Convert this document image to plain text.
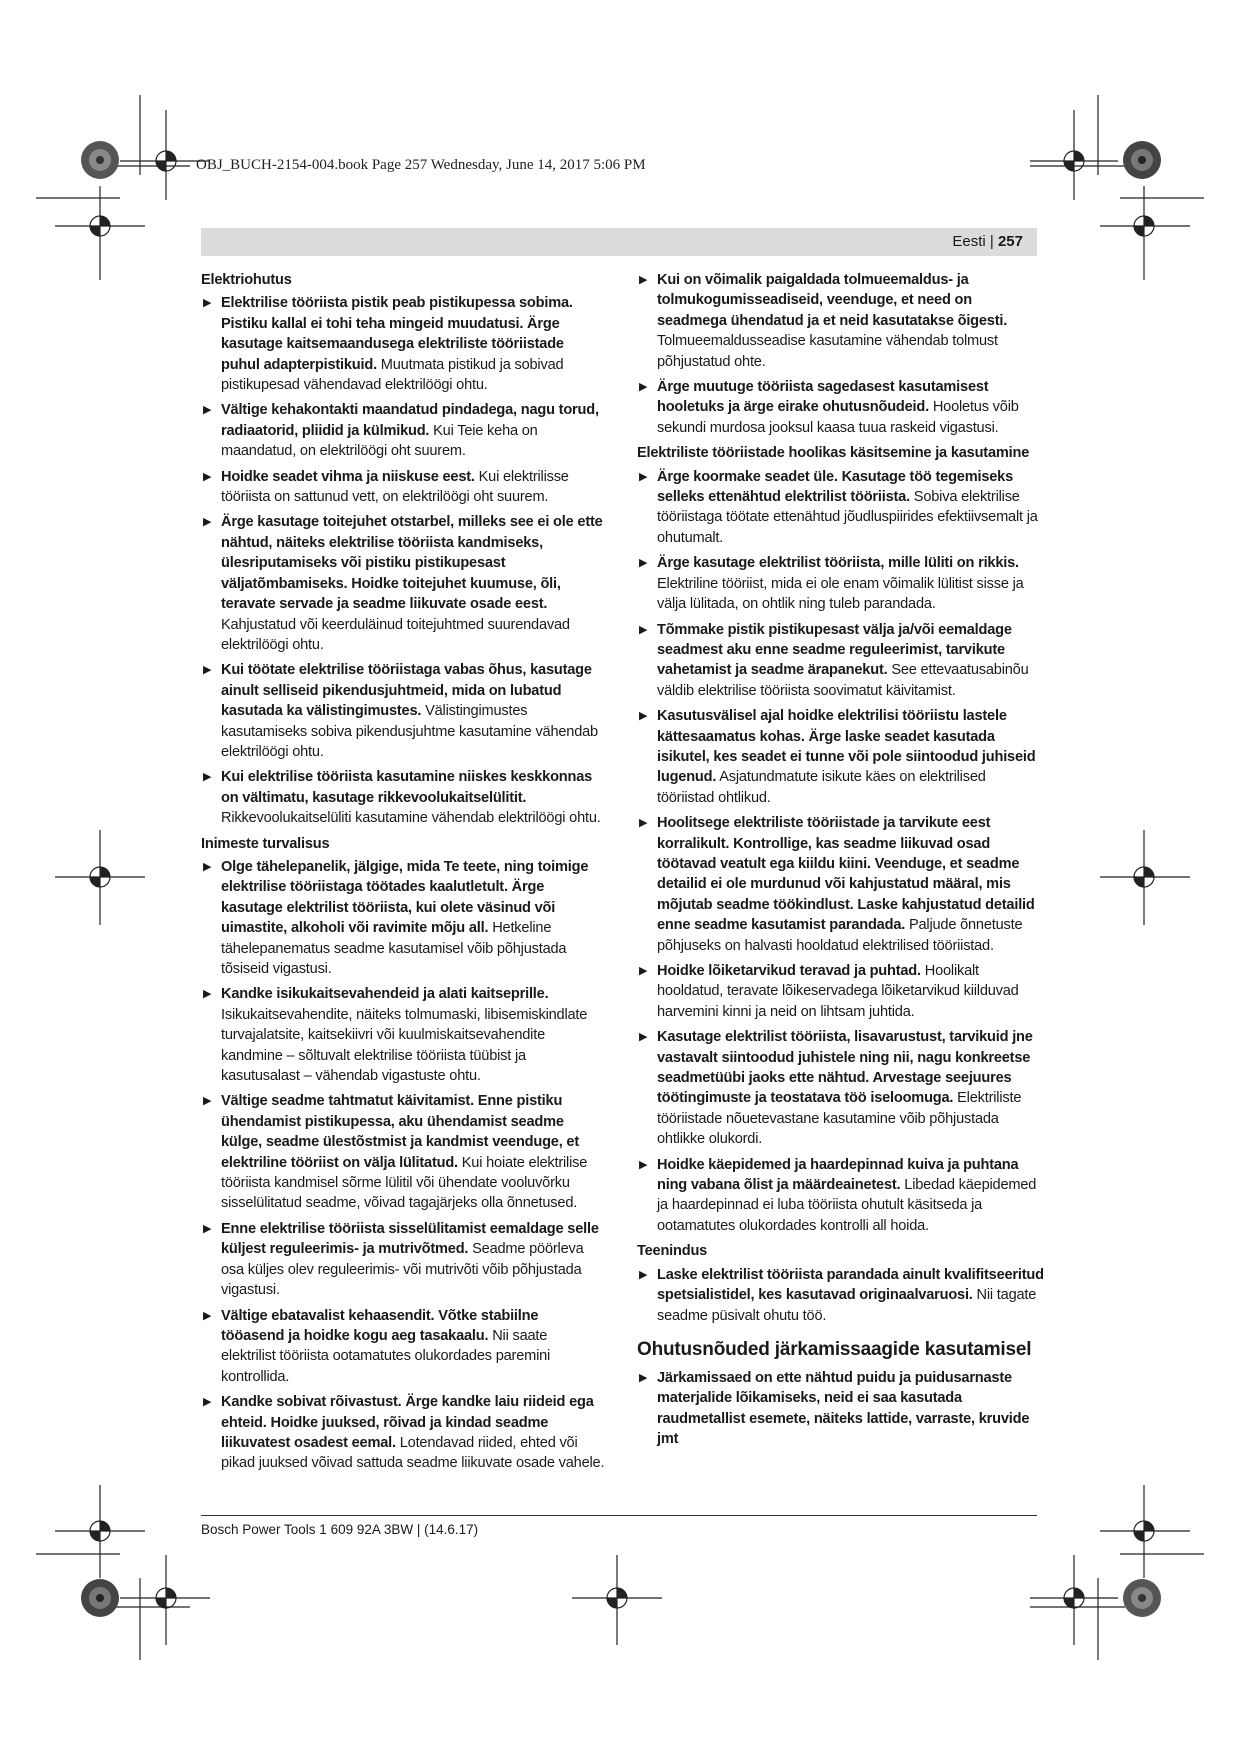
OBJ_BUCH-2154-004.book Page 257 Wednesday, June 14, 2017 5:06 PM
Eesti | 257
Elektriohutus
▶ Elektrilise tööriista pistik peab pistikupessa sobima. Pistiku kallal ei tohi teha mingeid muudatusi. Ärge kasutage kaitsemaandusega elektriliste tööriistade puhul adapterpistikuid. Muutmata pistikud ja sobivad pistikupesad vähendavad elektrilöögi ohtu.
▶ Vältige kehakontakti maandatud pindadega, nagu torud, radiaatorid, pliidid ja külmikud. Kui Teie keha on maandatud, on elektrilöögi oht suurem.
▶ Hoidke seadet vihma ja niiskuse eest. Kui elektrilisse tööriista on sattunud vett, on elektrilöögi oht suurem.
▶ Ärge kasutage toitejuhet otstarbel, milleks see ei ole ette nähtud, näiteks elektrilise tööriista kandmiseks, ülesriputamiseks või pistiku pistikupesast väljatõmbamiseks. Hoidke toitejuhet kuumuse, õli, teravate servade ja seadme liikuvate osade eest. Kahjustatud või keerduläinud toitejuhtmed suurendavad elektrilöögi ohtu.
▶ Kui töötate elektrilise tööriistaga vabas õhus, kasutage ainult selliseid pikendusjuhtmeid, mida on lubatud kasutada ka välistingimustes. Välistingimustes kasutamiseks sobiva pikendusjuhtme kasutamine vähendab elektrilöögi ohtu.
▶ Kui elektrilise tööriista kasutamine niiskes keskkonnas on vältimatu, kasutage rikkevoolukaitselülitit. Rikkevoolukaitselüliti kasutamine vähendab elektrilöögi ohtu.
Inimeste turvalisus
▶ Olge tähelepanelik, jälgige, mida Te teete, ning toimige elektrilise tööriistaga töötades kaalutletult. Ärge kasutage elektrilist tööriista, kui olete väsinud või uimastite, alkoholi või ravimite mõju all. Hetkeline tähelepanematus seadme kasutamisel võib põhjustada tõsiseid vigastusi.
▶ Kandke isikukaitsevahendeid ja alati kaitseprille. Isikukaitsevahendite, näiteks tolmumaski, libisemiskindlate turvajalatsite, kaitsekiivri või kuulmiskaitsevahendite kandmine – sõltuvalt elektrilise tööriista tüübist ja kasutusalast – vähendab vigastuste ohtu.
▶ Vältige seadme tahtmatut käivitamist. Enne pistiku ühendamist pistikupessa, aku ühendamist seadme külge, seadme ülestõstmist ja kandmist veenduge, et elektriline tööriist on välja lülitatud. Kui hoiate elektrilise tööriista kandmisel sõrme lülitil või ühendate vooluvõrku sisselülitatud seadme, võivad tagajärjeks olla õnnetused.
▶ Enne elektrilise tööriista sisselülitamist eemaldage selle küljest reguleerimis- ja mutrivõtmed. Seadme pöörleva osa küljes olev reguleerimis- või mutrivõti võib põhjustada vigastusi.
▶ Vältige ebatavalist kehaasendit. Võtke stabiilne tööasend ja hoidke kogu aeg tasakaalu. Nii saate elektrilist tööriista ootamatutes olukordades paremini kontrollida.
▶ Kandke sobivat rõivastust. Ärge kandke laiu riideid ega ehteid. Hoidke juuksed, rõivad ja kindad seadme liikuvatest osadest eemal. Lotendavad riided, ehted või pikad juuksed võivad sattuda seadme liikuvate osade vahele.
▶ Kui on võimalik paigaldada tolmueemaldus- ja tolmukogumisseadiseid, veenduge, et need on seadmega ühendatud ja et neid kasutatakse õigesti. Tolmueemaldusseadise kasutamine vähendab tolmust põhjustatud ohte.
▶ Ärge muutuge tööriista sagedasest kasutamisest hooletuks ja ärge eirake ohutusnõudeid. Hooletus võib sekundi murdosa jooksul kaasa tuua raskeid vigastusi.
Elektriliste tööriistade hoolikas käsitsemine ja kasutamine
▶ Ärge koormake seadet üle. Kasutage töö tegemiseks selleks ettenähtud elektrilist tööriista. Sobiva elektrilise tööriistaga töötate ettenähtud jõudluspiirides efektiivsemalt ja ohutumalt.
▶ Ärge kasutage elektrilist tööriista, mille lüliti on rikkis. Elektriline tööriist, mida ei ole enam võimalik lülitist sisse ja välja lülitada, on ohtlik ning tuleb parandada.
▶ Tõmmake pistik pistikupesast välja ja/või eemaldage seadmest aku enne seadme reguleerimist, tarvikute vahetamist ja seadme ärapanekut. See ettevaatusabinõu väldib elektrilise tööriista soovimatut käivitamist.
▶ Kasutusvälisel ajal hoidke elektrilisi tööriistu lastele kättesaamatus kohas. Ärge laske seadet kasutada isikutel, kes seadet ei tunne või pole siintoodud juhiseid lugenud. Asjatundmatute isikute käes on elektrilised tööriistad ohtlikud.
▶ Hoolitsege elektriliste tööriistade ja tarvikute eest korralikult. Kontrollige, kas seadme liikuvad osad töötavad veatult ega kiildu kiini. Veenduge, et seadme detailid ei ole murdunud või kahjustatud määral, mis mõjutab seadme töökindlust. Laske kahjustatud detailid enne seadme kasutamist parandada. Paljude õnnetuste põhjuseks on halvasti hooldatud elektrilised tööriistad.
▶ Hoidke lõiketarvikud teravad ja puhtad. Hoolikalt hooldatud, teravate lõikeservadega lõiketarvikud kiilduvad harvemini kinni ja neid on lihtsam juhtida.
▶ Kasutage elektrilist tööriista, lisavarustust, tarvikuid jne vastavalt siintoodud juhistele ning nii, nagu konkreetse seadmetüübi jaoks ette nähtud. Arvestage seejuures töötingimuste ja teostatava töö iseloomuga. Elektriliste tööriistade nõuetevastane kasutamine võib põhjustada ohtlikke olukordi.
▶ Hoidke käepidemed ja haardepinnad kuiva ja puhtana ning vabana õlist ja määrdeainetest. Libedad käepidemed ja haardepinnad ei luba tööriista ohutult käsitseda ja ootamatutes olukordades kontrolli all hoida.
Teenindus
▶ Laske elektrilist tööriista parandada ainult kvalifitseeritud spetsialistidel, kes kasutavad originaalvaruosi. Nii tagate seadme püsivalt ohutu töö.
Ohutusnõuded järkamissaagide kasutamisel
▶ Järkamissaed on ette nähtud puidu ja puidusarnaste materjalide lõikamiseks, neid ei saa kasutada raudmetallist esemete, näiteks lattide, varraste, kruvide jmt
Bosch Power Tools 1 609 92A 3BW | (14.6.17)
